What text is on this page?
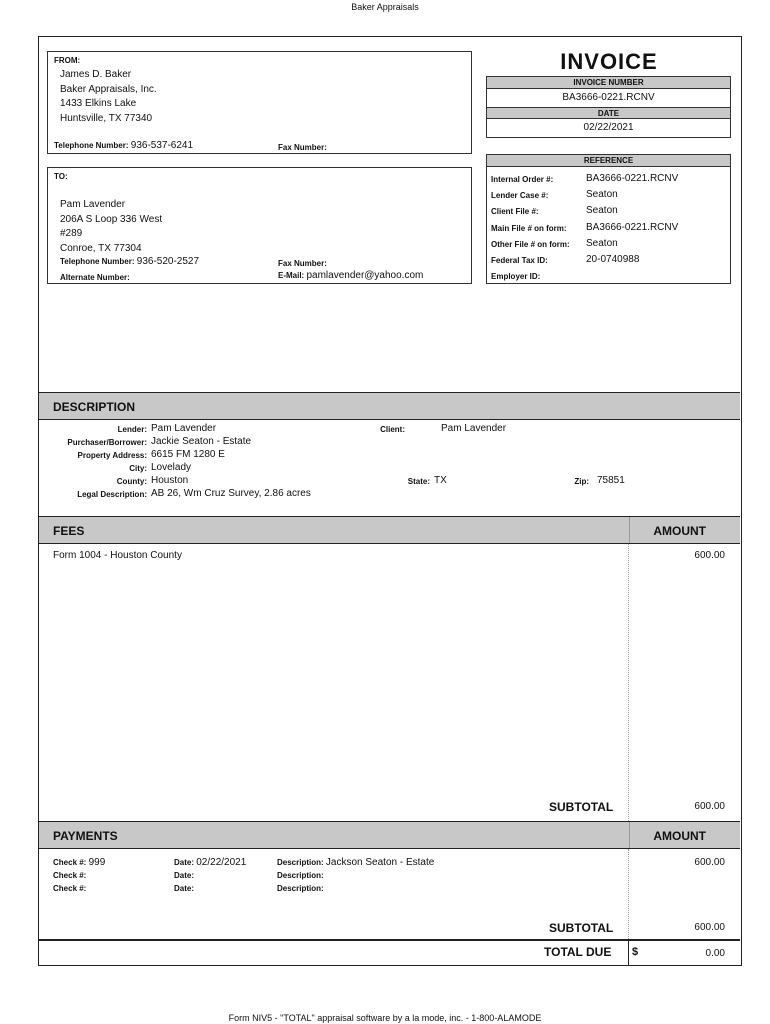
Baker Appraisals
FROM:
James D. Baker
Baker Appraisals, Inc.
1433 Elkins Lake
Huntsville, TX 77340
Telephone Number: 936-537-6241	Fax Number:
TO:
Pam Lavender
206A S Loop 336 West
#289
Conroe, TX 77304
Telephone Number: 936-520-2527	Fax Number:
Alternate Number:	E-Mail: pamlavender@yahoo.com
INVOICE
INVOICE NUMBER
BA3666-0221.RCNV
DATE
02/22/2021
REFERENCE
Internal Order #:	BA3666-0221.RCNV
Lender Case #:	Seaton
Client File #:	Seaton
Main File # on form: BA3666-0221.RCNV
Other File # on form: Seaton
Federal Tax ID:	20-0740988
Employer ID:
DESCRIPTION
Lender: Pam Lavender	Client:	Pam Lavender
Purchaser/Borrower: Jackie Seaton - Estate
Property Address: 6615 FM 1280 E
City: Lovelady
County: Houston	State: TX	Zip: 75851
Legal Description: AB 26, Wm Cruz Survey, 2.86 acres
FEES	AMOUNT
Form 1004 - Houston County	600.00
SUBTOTAL	600.00
PAYMENTS	AMOUNT
Check #: 999	Date: 02/22/2021	Description: Jackson Seaton - Estate	600.00
Check #:	Date:	Description:
Check #:	Date:	Description:
SUBTOTAL	600.00
TOTAL DUE $	0.00
Form NIV5 - "TOTAL" appraisal software by a la mode, inc. - 1-800-ALAMODE
